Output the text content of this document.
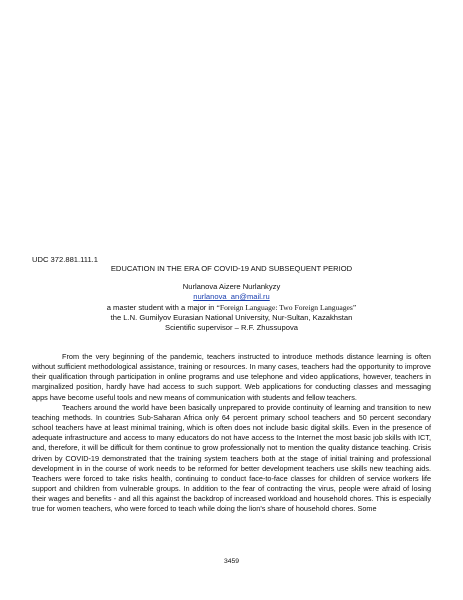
UDC 372.881.111.1
EDUCATION IN THE ERA OF COVID-19 AND SUBSEQUENT PERIOD
Nurlanova Aizere Nurlankyzy
nurlanova_an@mail.ru
a master student with a major in “Foreign Language: Two Foreign Languages”
the L.N. Gumilyov Eurasian National University, Nur-Sultan, Kazakhstan
Scientific supervisor – R.F. Zhussupova

From the very beginning of the pandemic, teachers instructed to introduce methods distance learning is often without sufficient methodological assistance, training or resources. In many cases, teachers had the opportunity to improve their qualification through participation in online programs and use telephone and video applications, however, teachers in marginalized position, hardly have had access to such support. Web applications for conducting classes and messaging apps have become useful tools and new means of communication with students and fellow teachers.

Teachers around the world have been basically unprepared to provide continuity of learning and transition to new teaching methods. In countries Sub-Saharan Africa only 64 percent primary school teachers and 50 percent secondary school teachers have at least minimal training, which is often does not include basic digital skills. Even in the presence of adequate infrastructure and access to many educators do not have access to the Internet the most basic job skills with ICT, and, therefore, it will be difficult for them continue to grow professionally not to mention the quality distance teaching. Crisis driven by COVID-19 demonstrated that the training system teachers both at the stage of initial training and professional development in in the course of work needs to be reformed for better development teachers use skills new teaching aids. Teachers were forced to take risks health, continuing to conduct face-to-face classes for children of service workers life support and children from vulnerable groups. In addition to the fear of contracting the virus, people were afraid of losing their wages and benefits - and all this against the backdrop of increased workload and household chores. This is especially true for women teachers, who were forced to teach while doing the lion's share of household chores. Some

3459
